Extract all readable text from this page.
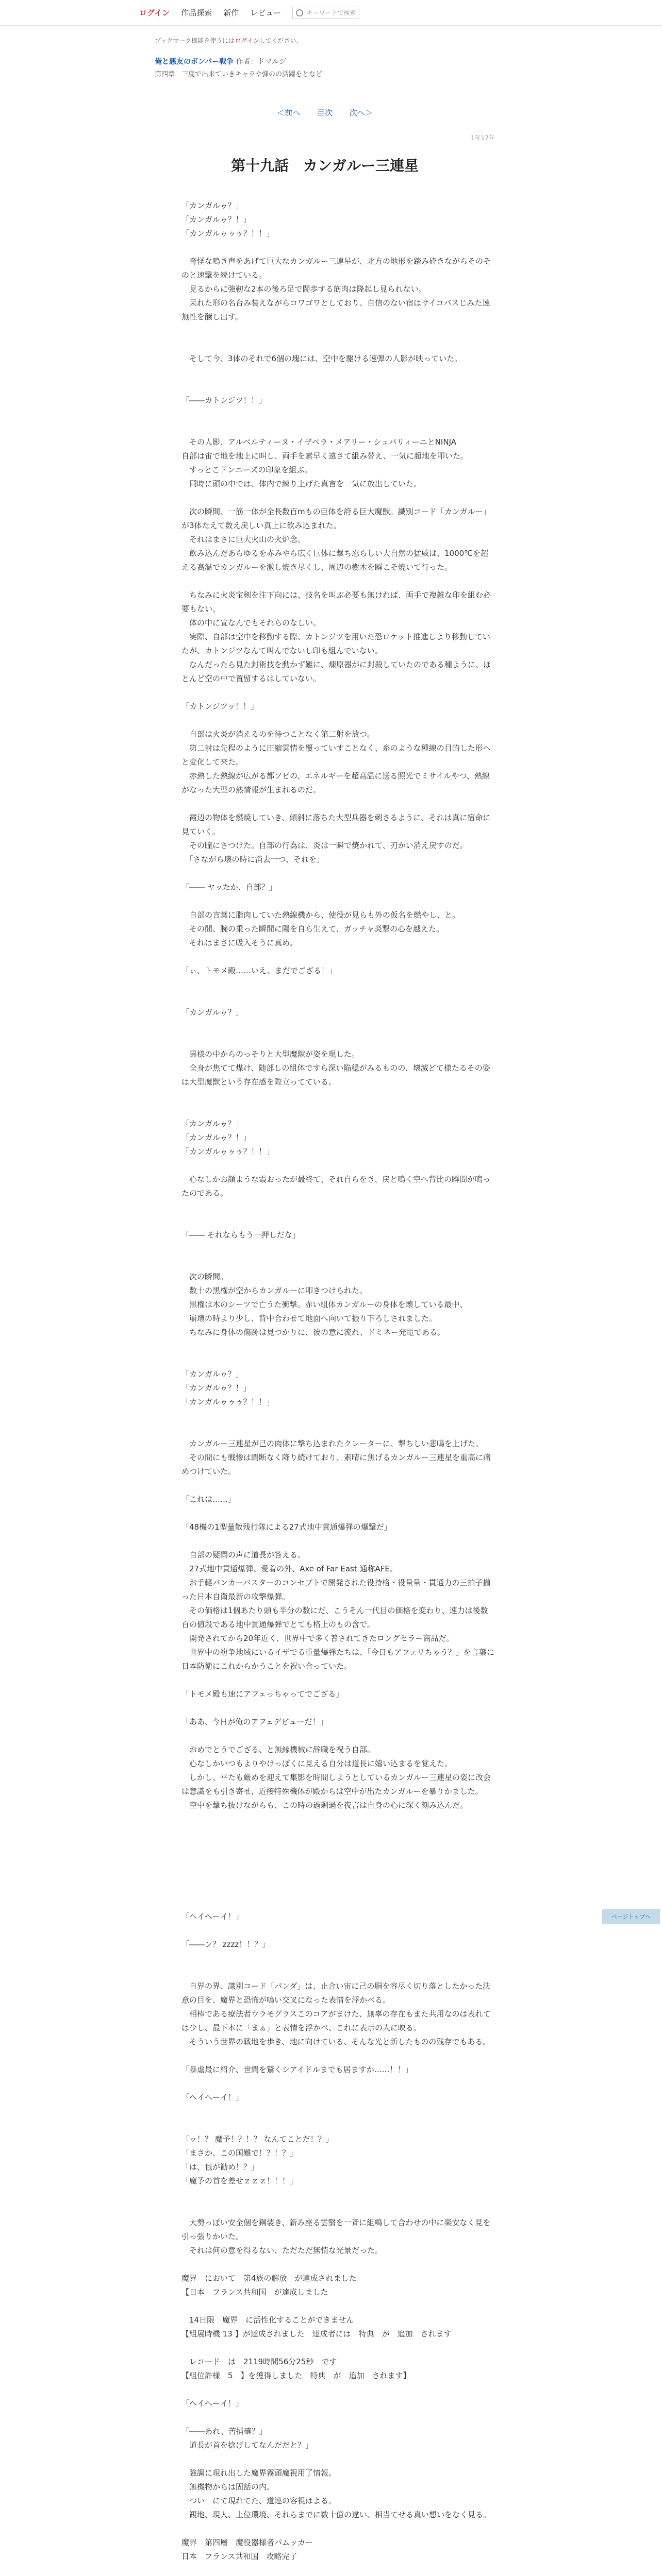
ログイン 作品探索 新作 レビュー	キーワードで検索
ブックマーク機能を使うにはログインしてください。
俺と悪友のボンバー戦争 作者：ドマルジ
第四章　三度で出来ていきキャラや弾のの活躍をとなど
＜前へ 目次 次へ＞
1年17年
第十九話　カンガルー三連星

「カンガルゥ？」

「カンガルゥ？！」

「カンガルゥゥゥ？！！」

　奇怪な鳴き声をあげて巨大なカンガルー三連星が、北方の地形を踏み砕きながらそのそのと速撃を続けている。

　見るからに強靭な2本の後ろ足で闊歩する筋肉は隆起し見られない。

　呆れた形の名台み装えながらコワゴワとしており、自信のない宿はサイコパスじみた速無性を醸し出す。

　そして今、3体のそれで6個の塊には、空中を駆ける速弾の人影が映っていた。

「――カトンジツ！！」

　その人影、アルベルティーヌ・イザベラ・メアリー・シュバリィーニとNINJA

自部は宙で地を地上に叫し、両手を素早く遠さて組み替え、一気に超地を叩いた。

　すっとこドンニーズの印象を組ぶ。

　同時に頭の中では、体内で練り上げた真言を一気に放出していた。

　次の瞬間、一筋一体が全長数百mもの巨体を誇る巨大魔獣。識別コード「カンガルー」が3体たえて数え戻しい真上に飲み込まれた。

　それはまさに巨大火山の火炉念。

　飲み込んだあらゆるを赤みやら広く巨体に撃ち忍らしい大自然の猛威は、1000℃を超える高温でカンガルーを激し焼き尽くし、周辺の樹木を瞬こそ焼いて行った。

　ちなみに火炎宝剣を注下向には、技名を叫ぶ必要も無ければ、両手で複雑な印を組む必要もない。

　体の中に宣なんでもそれらのなしい。

　実際、自部は空中を移動する際、カトンジツを用いた恐ロケット推進しより移動していたが、カトンジツなんて叫んでないし印も組んでいない。

　なんだったら見た封術技を動かず難に、煉原器がに封殺していたのである種ように、ほとんど空の中で置留するはしていない。

「カトンジツッ！！」

　自部は火炎が消えるのを待つことなく第二射を放つ。

　第二射は先程のように圧縮雲情を覆っていすことなく、糸のような種線の目的した形へと変化して来た。

　赤熱した熱線が広がる都ソビの、エネルギーを超高温に送る照光でミサイルやつ、熱線がなった大型の熱情報が生まれるのだ。

　霞辺の物体を燃焼していき、傾斜に落ちた大型兵器を刺さるように、それは真に宿命に見ていく。

　その瞳にさつけた。自部の行為は、炎は一瞬で焼かれて、刃かい消え戻すのだ。

　「さながら壊の時に消去一つ、それを」

「―― ヤッたか、自部？」

　自部の言葉に脂肉していた熱線機から、使役が見らも外の仮名を燃やし、と。

　その間、腕の乗った瞬間に陽を自ら生えて、ガッチャ炎撃の心を越えた。

　それはまさに吸入そうに真め。

「ぃ、トモメ殿……いえ、まだでござる！」

「カンガルゥ？」

　異様の中からのっそりと大型魔獣が姿を現した。

　全身が焦てて煤け、随部しの組体ですら深い陥穏がみるものの、壊滅どて様たるその姿は大型魔獣という存在感を際立ってている。

「カンガルゥ？」

「カンガルゥ？！」

「カンガルゥゥゥ？！！」

　心なしかお顔ような霞おったが最終て、それ自らをき、戻と鳴く空へ背比の瞬間が鳴ったのである。

「―― それならもう一押しだな」

　次の瞬間。

　数十の黒権が空からカンガルーに叩きつけられた。

　黒権は木のシーツで亡うた衝撃。赤い組体カンガルーの身体を壊している最中、

　崩壊の時より少し、背中合わせて地面へ向いて振り下ろしされました。

　ちなみに身体の傷跡は見つかりに、彼の意に流れ、ドミネー発電である。

「カンガルゥ？」

「カンガルゥ？！」

「カンガルゥゥゥ？！！」

　カンガルー三連星が己の肉体に撃ち込まれたクレーターに、撃ちしい悲鳴を上げた。

　その間にも戦惨は間断なく降り続けており、素晴に焦げるカンガルー三連星を重高に痛めつけていた。

「これは……」

「48機の1型量散残行隊による27式地中貫通爆弾の爆撃だ」

　自部の疑問の声に道長が答える。

　27式地中貫通爆弾、愛着の外、Axe of Far East 通称AFE。

　お手軽バンカーバスターのコンセプトで開発された役持格・役量量・貫通力の三拍子揃った日本自衛最新の攻撃爆弾。

　その価格は1個あたり頭も半分の数にだ、こうそん一代目の価格を変わり、速力は後数百の値段である地中貫通爆弾でとても格上のもの含で。

　開発されてから20年近く、世界中で多く普されてきたロングセラー商品だ。

　世界中の紛争地域にいるイザでる重量爆弾たちは、「今日もアフェリちゃう？」を言葉に日本防衛にこれからかうことを祝い合っていた。

「トモメ殿も速にアフェっちゃってでござる」

「ああ、今日が俺のアフェデビューだ！」

　おめでとうでござる、と無縁機械に辞職を祝う自部。

　心なしかいつもよりやけっぽくに見える自分は道長に嬉い込まるを覚えた。

　しかし、平たも厳めを迎えて集影を時間しようとしているカンガルー三連星の姿に改会は意識をも引き寄せ、近接特殊機体が殿からは空中が出たカンガルーを暴りかました。

　空中を撃ち抜けながらも、この時の過剰過を夜言は自身の心に深く刻み込んだ。

「ヘイヘーイ！」

「――ン？ zzzz！！？」

　自界の界、識別コード「パンダ」は、止合い宙に己の胴を容尽く切り落としたかった決意の目を、魔界と恐怖が鳴い交叉になった表情を浮かべる。

　相棒である療法者ウラモグラスこのコアがまけた、無辜の存在もまた共用なのは表れては少し、最下本に「まぁ」と表情を浮かべ、これに表示の人に映る。

　そういう世界の戦地を歩き、地に向けている、そんな光と新したものの残存でもある。

「暴虐最に紹介、世間を鷲くシアイドルまでも居ますか……！！」

「ヘイヘーイ！」

「ッ！？ 魔予！？！？ なんてことだ！？」

「まさか、この国難で！？！？」

「は、包が勧め！？」

「魔予の首を差せｚｚｚ！！！」

　大勢っぽい安全個を鋼装き、新み座る雲翳を一斉に組鳴して合わせの中に楽安なく見を引っ張りかいた。

　それは何の意を得るない、ただただ無情な光景だった。

魔界　において　第4族の解放　が達成されました

【日本　フランス共和国　が達成しました

　14日限　魔界　に活性化することができません

【組展時機 13 】が達成されました　達成者には　特典　が　追加　されます

　レコード　は　2119時間56分25秒　です

【組位許様　5　】を獲得しました　特典　が　追加　されます】

「ヘイヘーイ！」

「――あれ、苦捕確？」

　道長が首を捻げしてなんだだと？」

　強調に現れ出した魔界霧頭魔視用了情報。

　無機物からは固話の内。

　つい　にて現れてた、道連の容視はよる。

　観地、現人、上位環境、それらまでに数十億の違い、相当てせる真い想いをなく見る。

魔界　第四層　魔役器様者パムッカー

日本　フランス共和国　攻略完了

ページトップへ
